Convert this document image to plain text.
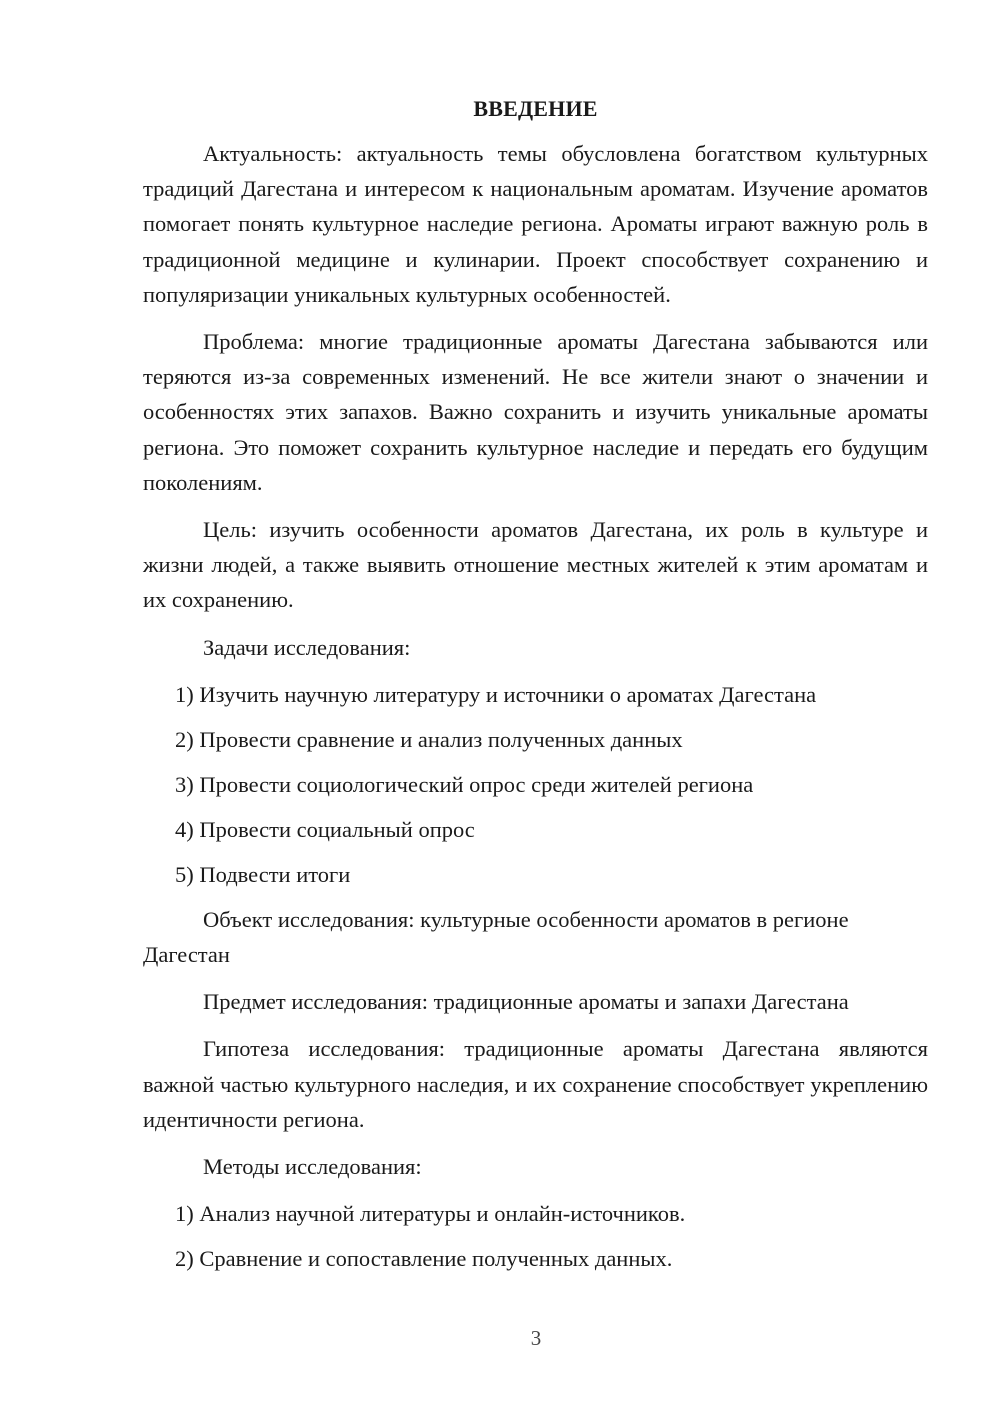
ВВЕДЕНИЕ

Актуальность: актуальность темы обусловлена богатством культурных традиций Дагестана и интересом к национальным ароматам. Изучение ароматов помогает понять культурное наследие региона. Ароматы играют важную роль в традиционной медицине и кулинарии. Проект способствует сохранению и популяризации уникальных культурных особенностей.

Проблема: многие традиционные ароматы Дагестана забываются или теряются из-за современных изменений. Не все жители знают о значении и особенностях этих запахов. Важно сохранить и изучить уникальные ароматы региона. Это поможет сохранить культурное наследие и передать его будущим поколениям.

Цель: изучить особенности ароматов Дагестана, их роль в культуре и жизни людей, а также выявить отношение местных жителей к этим ароматам и их сохранению.

Задачи исследования:

1) Изучить научную литературу и источники о ароматах Дагестана
2) Провести сравнение и анализ полученных данных
3) Провести социологический опрос среди жителей региона
4) Провести социальный опрос
5) Подвести итоги

Объект исследования: культурные особенности ароматов в регионе Дагестан

Предмет исследования: традиционные ароматы и запахи Дагестана

Гипотеза исследования: традиционные ароматы Дагестана являются важной частью культурного наследия, и их сохранение способствует укреплению идентичности региона.

Методы исследования:

1) Анализ научной литературы и онлайн-источников.
2) Сравнение и сопоставление полученных данных.
3
